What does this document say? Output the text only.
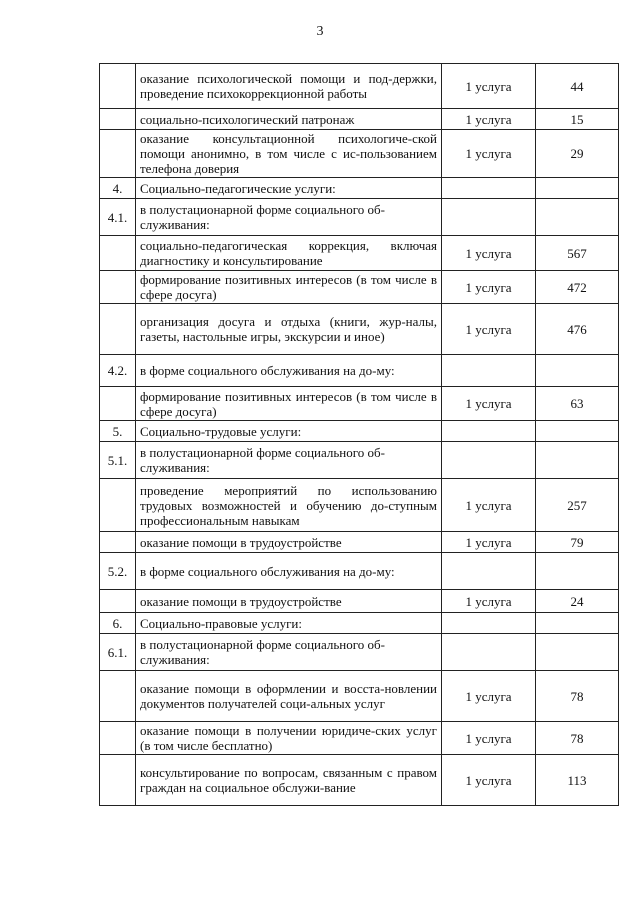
3
	оказание психологической помощи и под-держки, проведение психокоррекционной работы	1 услуга	44
	социально-психологический патронаж	1 услуга	15
	оказание консультационной психологиче-ской помощи анонимно, в том числе с ис-пользованием телефона доверия	1 услуга	29
4.	Социально-педагогические услуги:		
4.1.	в полустационарной форме социального об-служивания:		
	социально-педагогическая коррекция, включая диагностику и консультирование	1 услуга	567
	формирование позитивных интересов (в том числе в сфере досуга)	1 услуга	472
	организация досуга и отдыха (книги, жур-налы, газеты, настольные игры, экскурсии и иное)	1 услуга	476
4.2.	в форме социального обслуживания на до-му:		
	формирование позитивных интересов (в том числе в сфере досуга)	1 услуга	63
5.	Социально-трудовые услуги:		
5.1.	в полустационарной форме социального об-служивания:		
	проведение мероприятий по использованию трудовых возможностей и обучению до-ступным профессиональным навыкам	1 услуга	257
	оказание помощи в трудоустройстве	1 услуга	79
5.2.	в форме социального обслуживания на до-му:		
	оказание помощи в трудоустройстве	1 услуга	24
6.	Социально-правовые услуги:		
6.1.	в полустационарной форме социального об-служивания:		
	оказание помощи в оформлении и восста-новлении документов получателей соци-альных услуг	1 услуга	78
	оказание помощи в получении юридиче-ских услуг (в том числе бесплатно)	1 услуга	78
	консультирование по вопросам, связанным с правом граждан на социальное обслужи-вание	1 услуга	113
